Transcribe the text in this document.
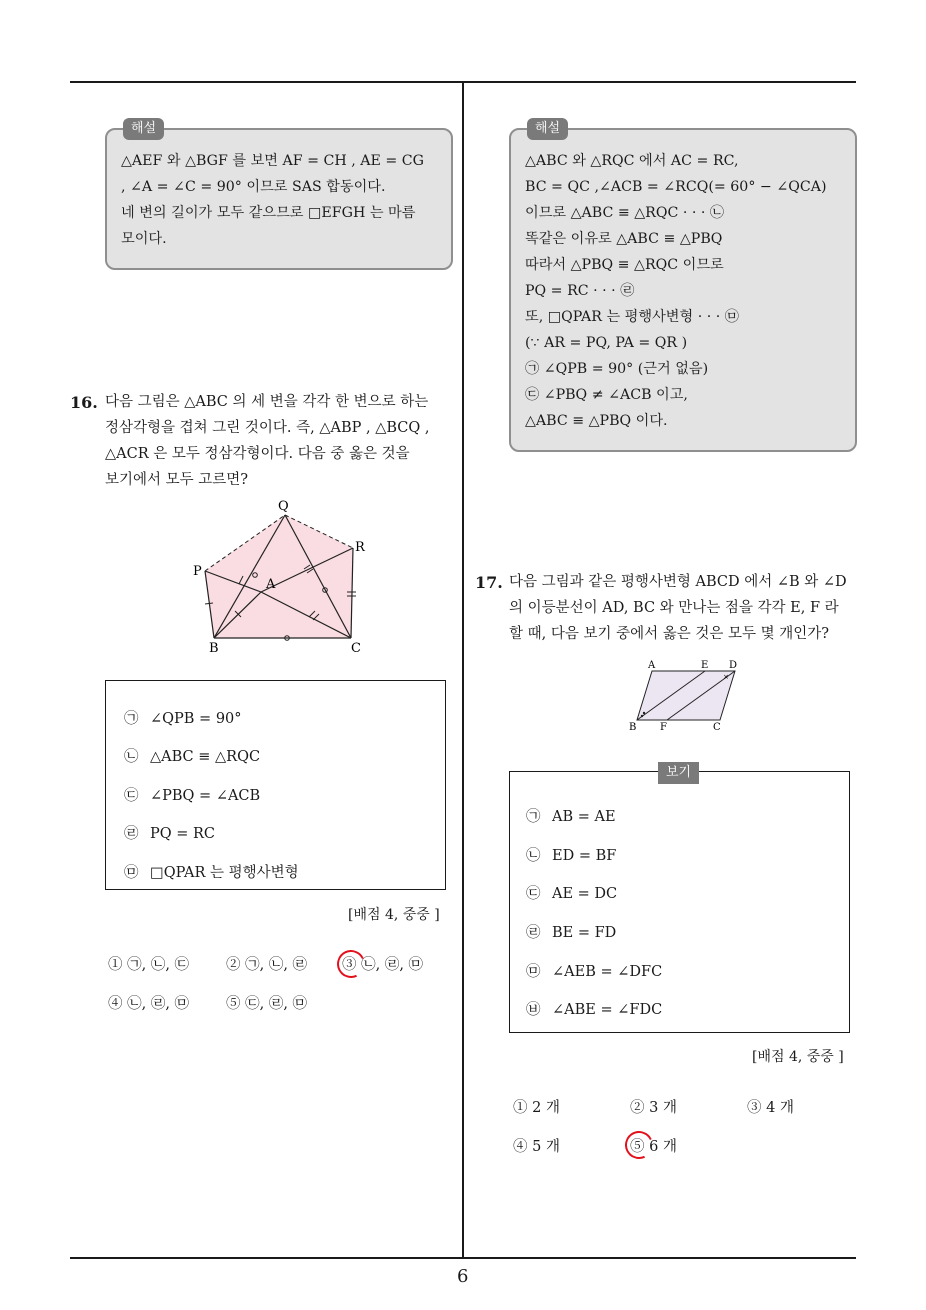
해설
△AEF 와 △BGF 를 보면 AF = CH , AE = CG
, ∠A = ∠C = 90° 이므로 SAS 합동이다.
네 변의 길이가 모두 같으므로 □EFGH 는 마름
모이다.
16. 다음 그림은 △ABC 의 세 변을 각각 한 변으로 하는
정삼각형을 겹쳐 그린 것이다. 즉, △ABP , △BCQ ,
△ACR 은 모두 정삼각형이다. 다음 중 옳은 것을
보기에서 모두 고르면?
Q
R
P
A
B	C
㉠ ∠QPB = 90°
㉡ △ABC ≡ △RQC
㉢ ∠PBQ = ∠ACB
㉣ PQ = RC
㉤ □QPAR 는 평행사변형
[배점 4, 중중 ]
① ㉠, ㉡, ㉢	② ㉠, ㉡, ㉣ ③ ㉡, ㉣, ㉤
④ ㉡, ㉣, ㉤	⑤ ㉢, ㉣, ㉤
해설
△ABC 와 △RQC 에서 AC = RC,
BC = QC ,∠ACB = ∠RCQ(= 60° − ∠QCA)
이므로 △ABC ≡ △RQC · · · ㉡
똑같은 이유로 △ABC ≡ △PBQ
따라서 △PBQ ≡ △RQC 이므로
PQ = RC · · · ㉣
또, □QPAR 는 평행사변형 · · · ㉤
(∵ AR = PQ, PA = QR )
㉠ ∠QPB = 90° (근거 없음)
㉢ ∠PBQ ≠ ∠ACB 이고,
△ABC ≡ △PBQ 이다.
17. 다음 그림과 같은 평행사변형 ABCD 에서 ∠B 와 ∠D
의 이등분선이 AD, BC 와 만나는 점을 각각 E, F 라
할 때, 다음 보기 중에서 옳은 것은 모두 몇 개인가?
×
A	E D
B F	C
㉠ AB = AE
㉡ ED = BF
㉢ AE = DC
㉣ BE = FD
㉤ ∠AEB = ∠DFC
㉥ ∠ABE = ∠FDC
보기
[배점 4, 중중 ]
① 2 개	② 3 개	③ 4 개
④ 5 개	⑤ 6 개
6
